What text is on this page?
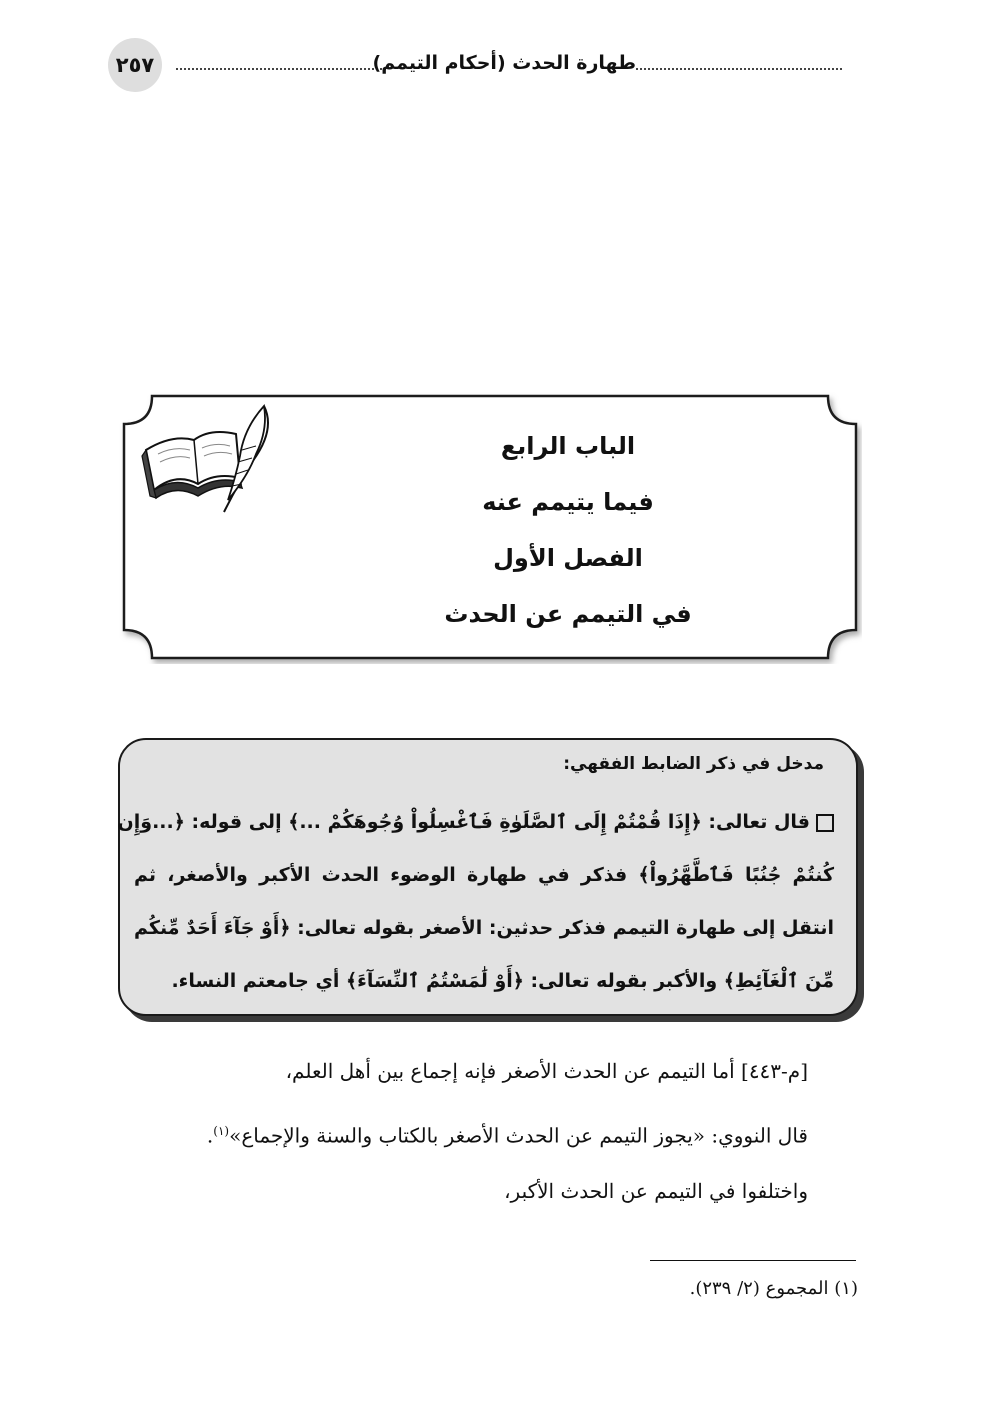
٢٥٧	طهارة الحدث (أحكام التيمم)
الباب الرابع
فيما يتيمم عنه
الفصل الأول
في التيمم عن الحدث
مدخل في ذكر الضابط الفقهي:
قال تعالى: ﴿إِذَا قُمْتُمْ إِلَى ٱلصَّلَوٰةِ فَٱغْسِلُواْ وُجُوهَكُمْ ...﴾ إلى قوله: ﴿...وَإِن
كُنتُمْ جُنُبًا فَٱطَّهَّرُواْ﴾ فذكر في طهارة الوضوء الحدث الأكبر والأصغر، ثم
انتقل إلى طهارة التيمم فذكر حدثين: الأصغر بقوله تعالى: ﴿أَوْ جَآءَ أَحَدٌ مِّنكُم
مِّنَ ٱلْغَآئِطِ﴾ والأكبر بقوله تعالى: ﴿أَوْ لَٰمَسْتُمُ ٱلنِّسَآءَ﴾ أي جامعتم النساء.
[م-٤٤٣] أما التيمم عن الحدث الأصغر فإنه إجماع بين أهل العلم،
قال النووي: «يجوز التيمم عن الحدث الأصغر بالكتاب والسنة والإجماع»$^{(١)}$.
واختلفوا في التيمم عن الحدث الأكبر،
(١) المجموع (٢/ ٢٣٩).
